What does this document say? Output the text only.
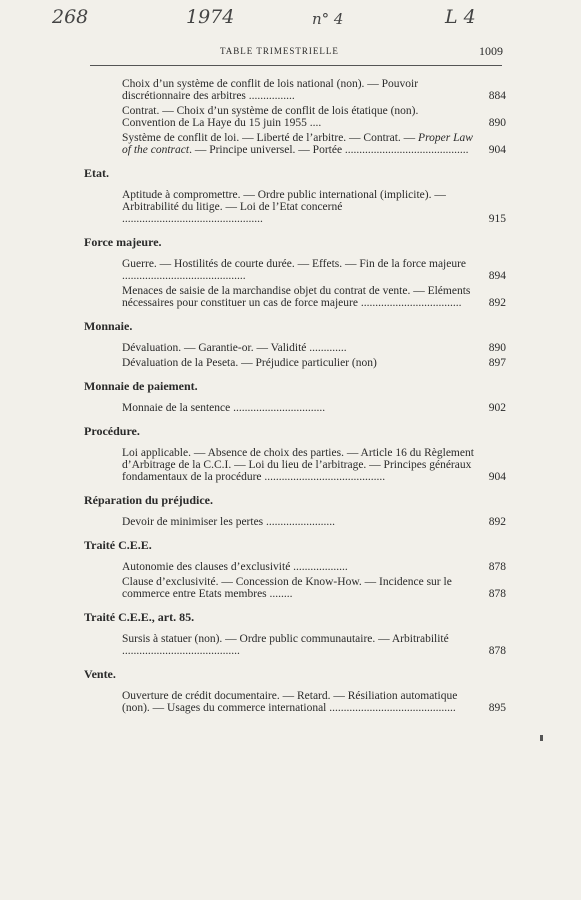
268	1974	n° 4	L 4
TABLE TRIMESTRIELLE	1009
Choix d’un système de conflit de lois national (non). — Pouvoir discrétionnaire des arbitres ................	884
Contrat. — Choix d’un système de conflit de lois étatique (non). Convention de La Haye du 15 juin 1955 ....	890
Système de conflit de loi. — Liberté de l’arbitre. — Contrat. — Proper Law of the contract. — Principe universel. — Portée ...........................................	904
Etat.
Aptitude à compromettre. — Ordre public international (implicite). — Arbitrabilité du litige. — Loi de l’Etat concerné .................................................	915
Force majeure.
Guerre. — Hostilités de courte durée. — Effets. — Fin de la force majeure ...........................................	894
Menaces de saisie de la marchandise objet du contrat de vente. — Eléments nécessaires pour constituer un cas de force majeure ...................................	892
Monnaie.
Dévaluation. — Garantie-or. — Validité .............	890
Dévaluation de la Peseta. — Préjudice particulier (non)	897
Monnaie de paiement.
Monnaie de la sentence ................................	902
Procédure.
Loi applicable. — Absence de choix des parties. — Article 16 du Règlement d’Arbitrage de la C.C.I. — Loi du lieu de l’arbitrage. — Principes généraux fondamentaux de la procédure ..........................................	904
Réparation du préjudice.
Devoir de minimiser les pertes ........................	892
Traité C.E.E.
Autonomie des clauses d’exclusivité ...................	878
Clause d’exclusivité. — Concession de Know-How. — Incidence sur le commerce entre Etats membres ........	878
Traité C.E.E., art. 85.
Sursis à statuer (non). — Ordre public communautaire. — Arbitrabilité .........................................	878
Vente.
Ouverture de crédit documentaire. — Retard. — Résiliation automatique (non). — Usages du commerce international ............................................	895
